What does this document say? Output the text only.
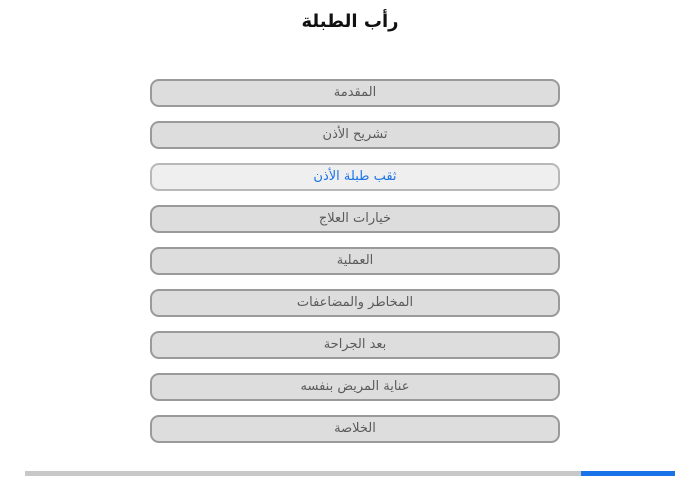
رأب الطبلة
المقدمة
تشريح الأذن
ثقب طبلة الأذن
خيارات العلاج
العملية
المخاطر والمضاعفات
بعد الجراحة
عناية المريض بنفسه
الخلاصة
